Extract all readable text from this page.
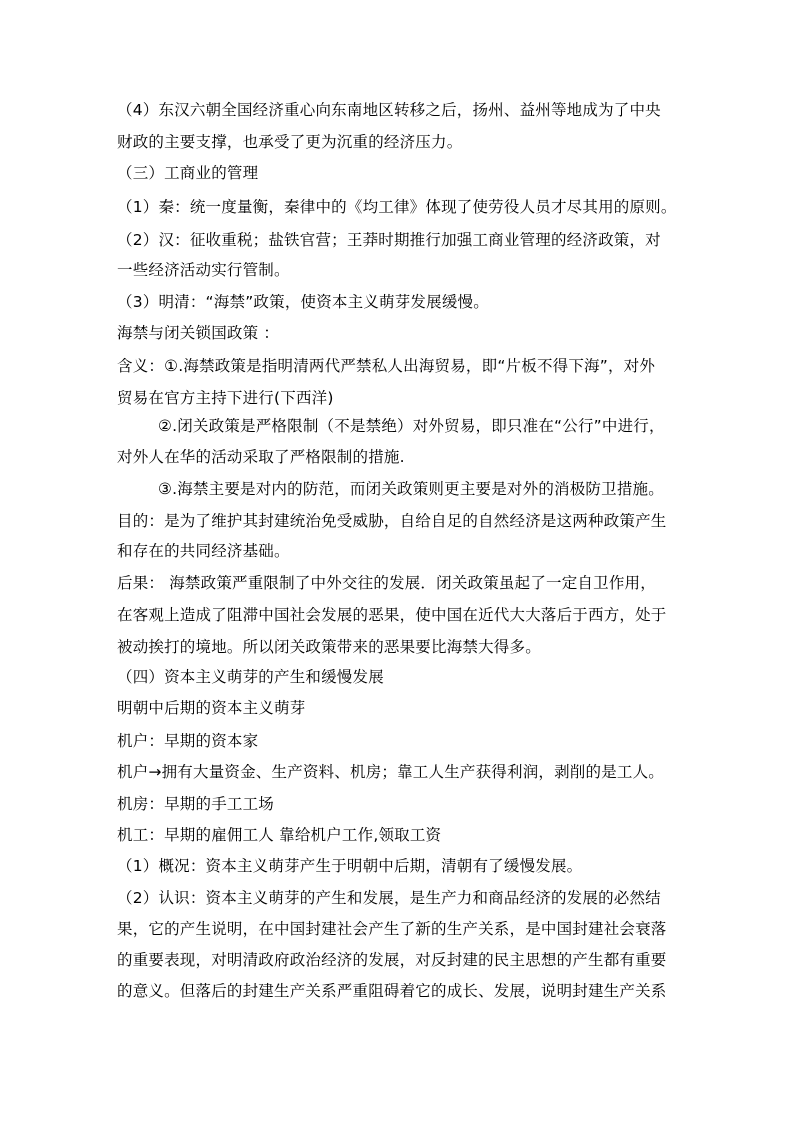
（4）东汉六朝全国经济重心向东南地区转移之后，扬州、益州等地成为了中央
财政的主要支撑，也承受了更为沉重的经济压力。
（三）工商业的管理
（1）秦：统一度量衡，秦律中的《均工律》体现了使劳役人员才尽其用的原则。
（2）汉：征收重税；盐铁官营；王莽时期推行加强工商业管理的经济政策，对
一些经济活动实行管制。
（3）明清：“海禁”政策，使资本主义萌芽发展缓慢。
海禁与闭关锁国政策 ：
含义：①.海禁政策是指明清两代严禁私人出海贸易，即“片板不得下海”，对外
贸易在官方主持下进行(下西洋)
②.闭关政策是严格限制（不是禁绝）对外贸易，即只准在“公行”中进行，
对外人在华的活动采取了严格限制的措施.
③.海禁主要是对内的防范，而闭关政策则更主要是对外的消极防卫措施。
目的：是为了维护其封建统治免受威胁，自给自足的自然经济是这两种政策产生
和存在的共同经济基础。
后果： 海禁政策严重限制了中外交往的发展．闭关政策虽起了一定自卫作用，
在客观上造成了阻滞中国社会发展的恶果，使中国在近代大大落后于西方，处于
被动挨打的境地。所以闭关政策带来的恶果要比海禁大得多。
（四）资本主义萌芽的产生和缓慢发展
明朝中后期的资本主义萌芽
机户：早期的资本家
机户→拥有大量资金、生产资料、机房；靠工人生产获得利润，剥削的是工人。
机房：早期的手工工场
机工：早期的雇佣工人 靠给机户工作,领取工资
（1）概况：资本主义萌芽产生于明朝中后期，清朝有了缓慢发展。
（2）认识：资本主义萌芽的产生和发展，是生产力和商品经济的发展的必然结
果，它的产生说明，在中国封建社会产生了新的生产关系，是中国封建社会衰落
的重要表现，对明清政府政治经济的发展，对反封建的民主思想的产生都有重要
的意义。但落后的封建生产关系严重阻碍着它的成长、发展，说明封建生产关系
